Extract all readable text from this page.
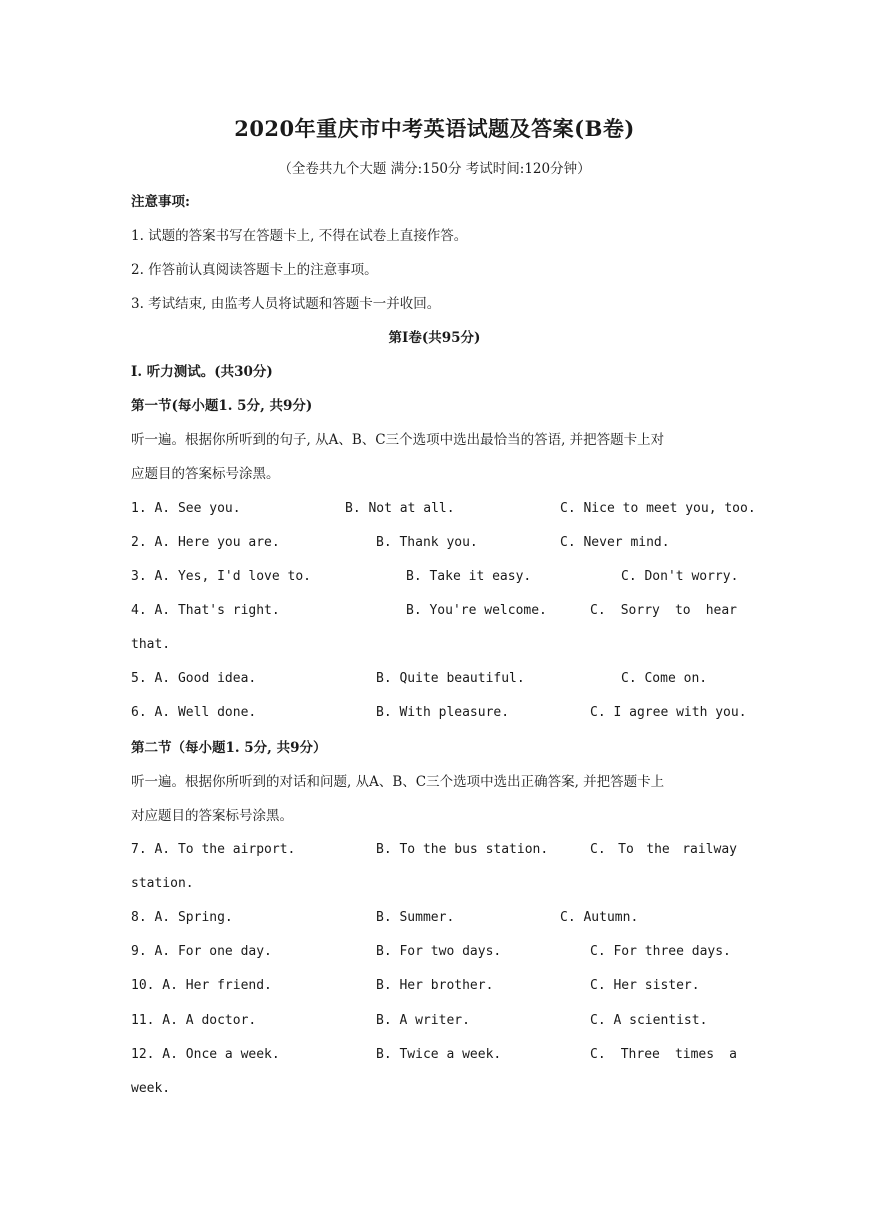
2020年重庆市中考英语试题及答案(B卷)
（全卷共九个大题 满分:150分 考试时间:120分钟）
注意事项:
1. 试题的答案书写在答题卡上, 不得在试卷上直接作答。
2. 作答前认真阅读答题卡上的注意事项。
3. 考试结束, 由监考人员将试题和答题卡一并收回。
第I卷(共95分)
I. 听力测试。(共30分)
第一节(每小题1. 5分, 共9分)
听一遍。根据你所听到的句子, 从A、B、C三个选项中选出最恰当的答语, 并把答题卡上对
应题目的答案标号涂黑。
1. A. See you.	B. Not at all.	C. Nice to meet you, too.
2. A. Here you are.	B. Thank you.	C. Never mind.
3. A. Yes, I'd love to.	B. Take it easy.	C. Don't worry.
4. A. That's right.	B. You're welcome.	C. Sorry to hear
that.
5. A. Good idea.	B. Quite beautiful.	C. Come on.
6. A. Well done.	B. With pleasure.	C. I agree with you.
第二节（每小题1. 5分, 共9分）
听一遍。根据你所听到的对话和问题, 从A、B、C三个选项中选出正确答案, 并把答题卡上
对应题目的答案标号涂黑。
7. A. To the airport.	B. To the bus station.	C. To the railway
station.
8. A. Spring.	B. Summer.	C. Autumn.
9. A. For one day.	B. For two days.	C. For three days.
10. A. Her friend.	B. Her brother.	C. Her sister.
11. A. A doctor.	B. A writer.	C. A scientist.
12. A. Once a week.	B. Twice a week.	C. Three times a
week.
